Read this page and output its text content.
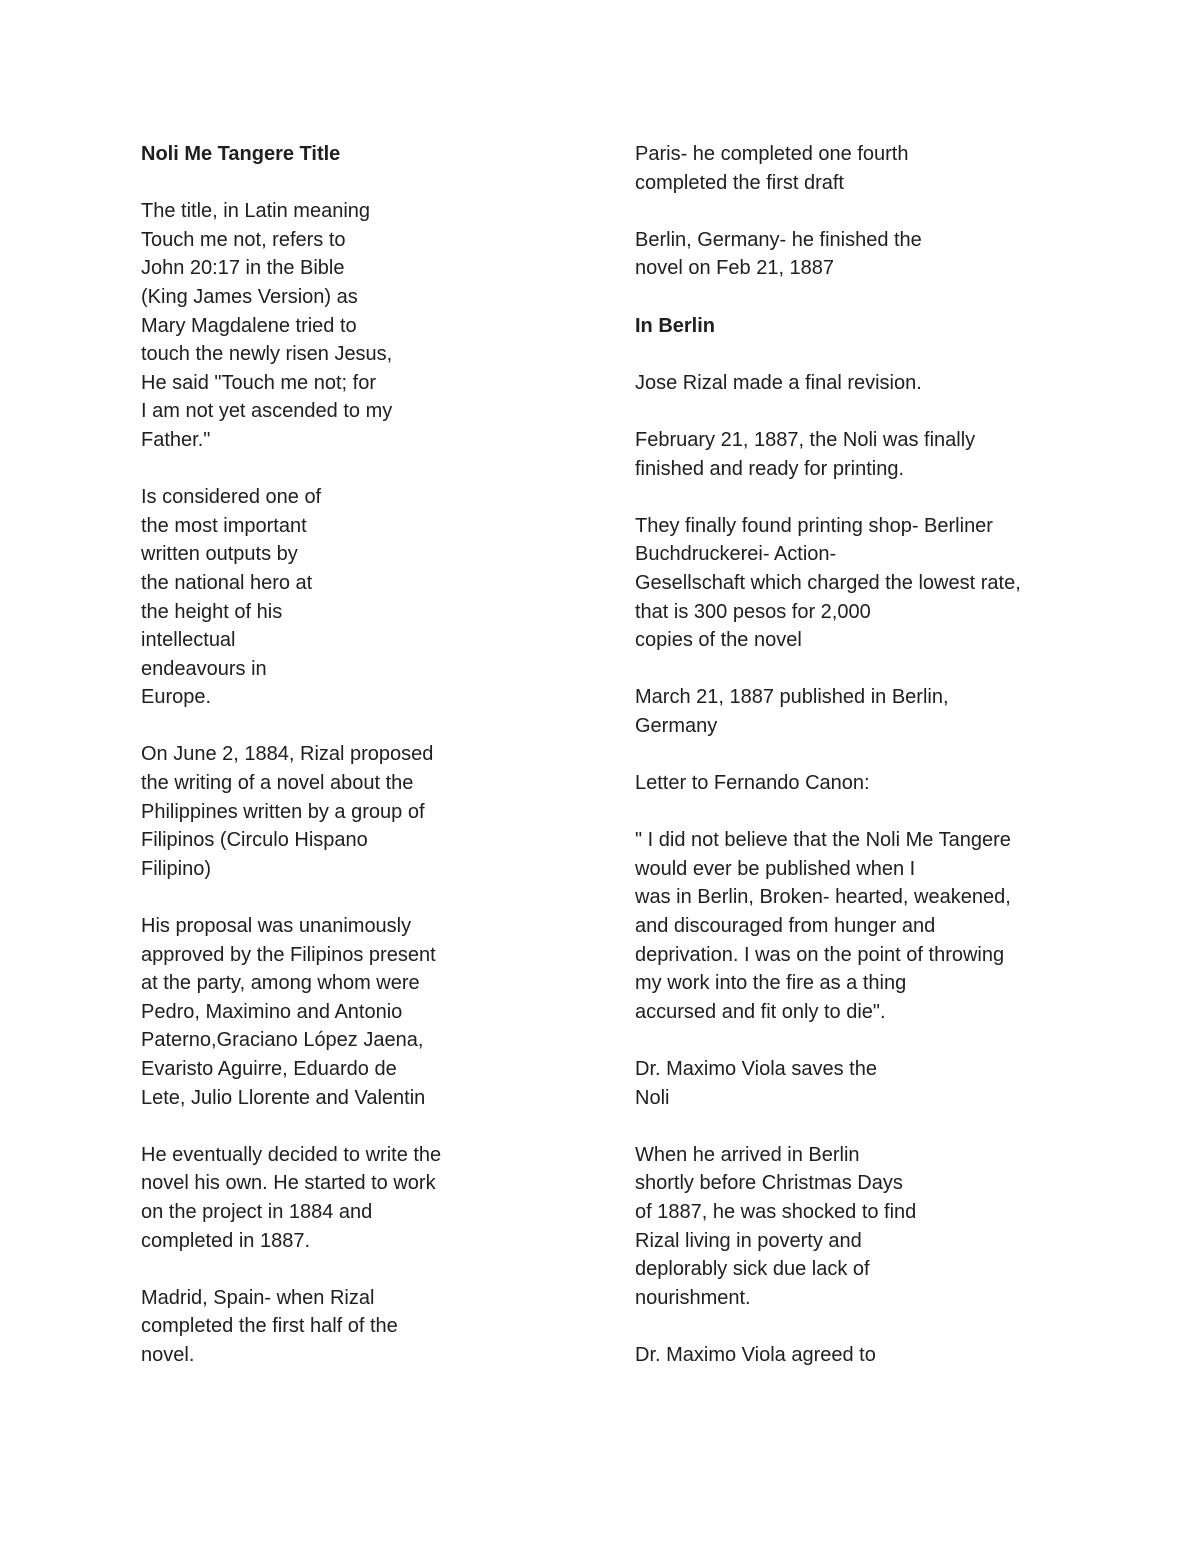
Noli Me Tangere Title

The title, in Latin meaning
Touch me not, refers to
John 20:17 in the Bible
(King James Version) as
Mary Magdalene tried to
touch the newly risen Jesus,
He said "Touch me not; for
I am not yet ascended to my
Father."
Is considered one of
the most important
written outputs by
the national hero at
the height of his
intellectual
endeavours in
Europe.
On June 2, 1884, Rizal proposed
the writing of a novel about the
Philippines written by a group of
Filipinos (Circulo Hispano
Filipino)
His proposal was unanimously
approved by the Filipinos present
at the party, among whom were
Pedro, Maximino and Antonio
Paterno,Graciano López Jaena,
Evaristo Aguirre, Eduardo de
Lete, Julio Llorente and Valentin
He eventually decided to write the
novel his own. He started to work
on the project in 1884 and
completed in 1887.
Madrid, Spain- when Rizal
completed the first half of the
novel.
Paris- he completed one fourth
completed the first draft
Berlin, Germany- he finished the
novel on Feb 21, 1887

In Berlin

Jose Rizal made a final revision.
February 21, 1887, the Noli was finally
finished and ready for printing.
They finally found printing shop- Berliner
Buchdruckerei- Action-
Gesellschaft which charged the lowest rate,
that is 300 pesos for 2,000
copies of the novel
March 21, 1887 published in Berlin,
Germany
Letter to Fernando Canon:
" I did not believe that the Noli Me Tangere
would ever be published when I
was in Berlin, Broken- hearted, weakened,
and discouraged from hunger and
deprivation. I was on the point of throwing
my work into the fire as a thing
accursed and fit only to die".
Dr. Maximo Viola saves the
Noli
When he arrived in Berlin
shortly before Christmas Days
of 1887, he was shocked to find
Rizal living in poverty and
deplorably sick due lack of
nourishment.
Dr. Maximo Viola agreed to
